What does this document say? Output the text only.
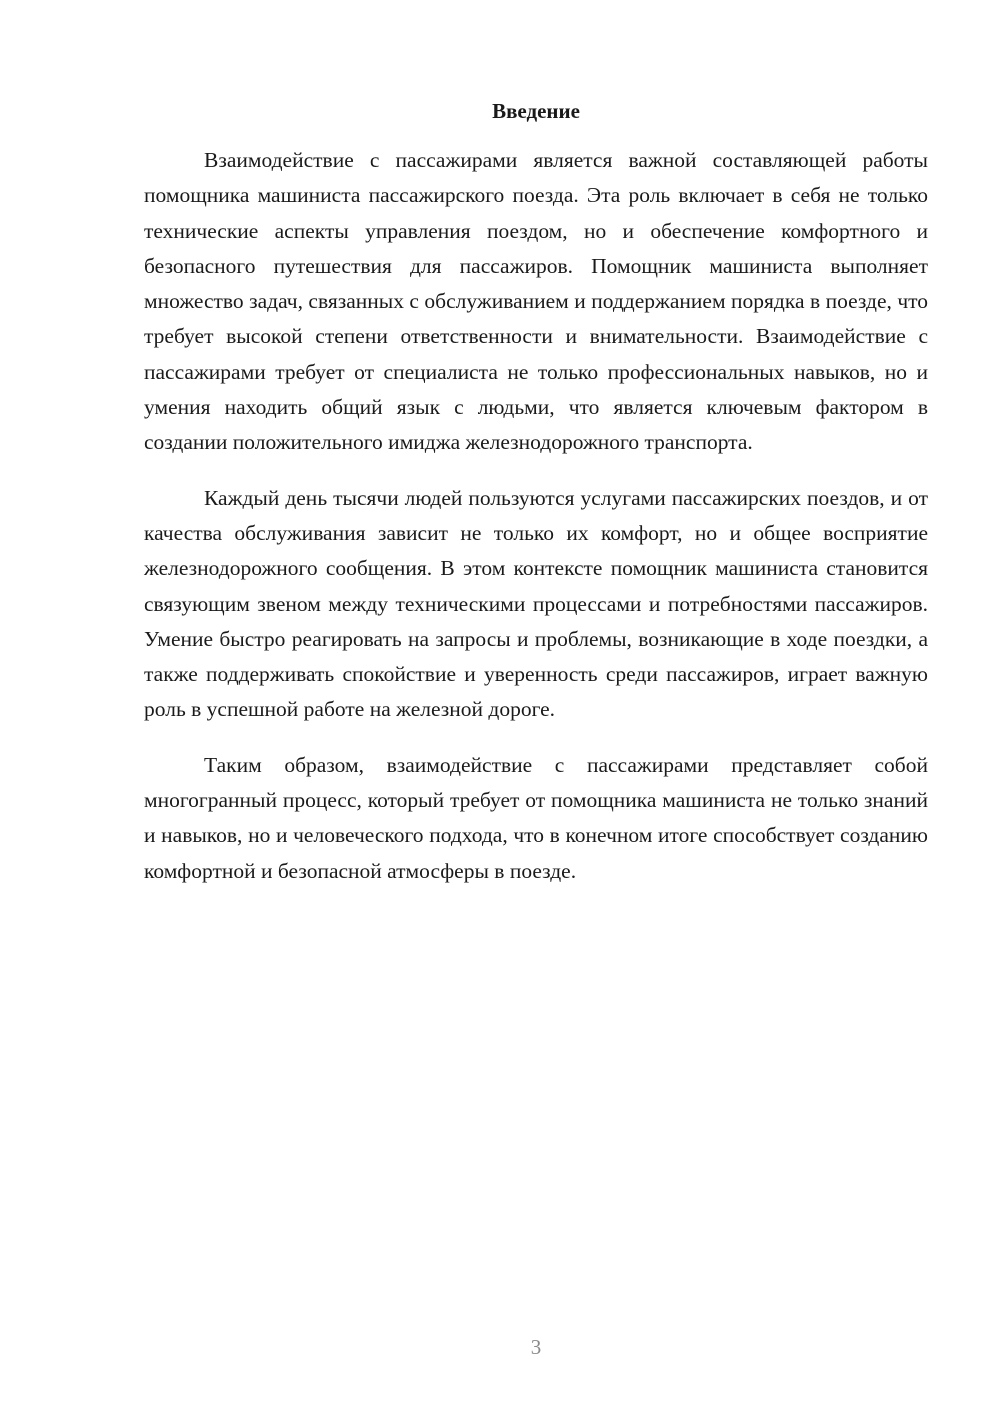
Введение

Взаимодействие с пассажирами является важной составляющей работы помощника машиниста пассажирского поезда. Эта роль включает в себя не только технические аспекты управления поездом, но и обеспечение комфортного и безопасного путешествия для пассажиров. Помощник машиниста выполняет множество задач, связанных с обслуживанием и поддержанием порядка в поезде, что требует высокой степени ответственности и внимательности. Взаимодействие с пассажирами требует от специалиста не только профессиональных навыков, но и умения находить общий язык с людьми, что является ключевым фактором в создании положительного имиджа железнодорожного транспорта.

Каждый день тысячи людей пользуются услугами пассажирских поездов, и от качества обслуживания зависит не только их комфорт, но и общее восприятие железнодорожного сообщения. В этом контексте помощник машиниста становится связующим звеном между техническими процессами и потребностями пассажиров. Умение быстро реагировать на запросы и проблемы, возникающие в ходе поездки, а также поддерживать спокойствие и уверенность среди пассажиров, играет важную роль в успешной работе на железной дороге.

Таким образом, взаимодействие с пассажирами представляет собой многогранный процесс, который требует от помощника машиниста не только знаний и навыков, но и человеческого подхода, что в конечном итоге способствует созданию комфортной и безопасной атмосферы в поезде.

3
